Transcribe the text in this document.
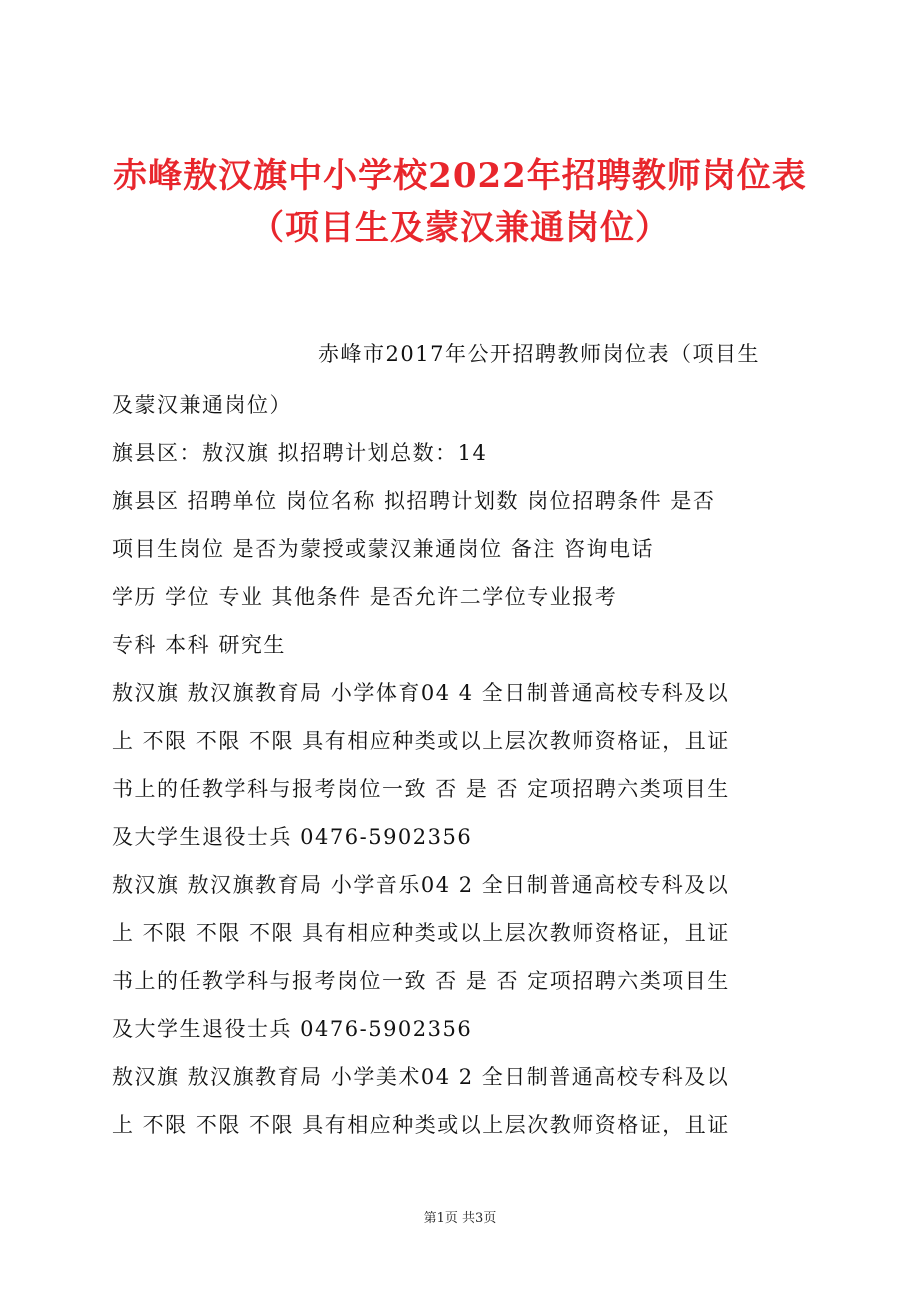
赤峰敖汉旗中小学校2022年招聘教师岗位表
（项目生及蒙汉兼通岗位）
赤峰市2017年公开招聘教师岗位表（项目生
及蒙汉兼通岗位）
旗县区：敖汉旗 拟招聘计划总数：14
旗县区 招聘单位 岗位名称 拟招聘计划数 岗位招聘条件 是否
项目生岗位 是否为蒙授或蒙汉兼通岗位 备注 咨询电话
学历 学位 专业 其他条件 是否允许二学位专业报考
专科 本科 研究生
敖汉旗 敖汉旗教育局 小学体育04 4 全日制普通高校专科及以
上 不限 不限 不限 具有相应种类或以上层次教师资格证，且证
书上的任教学科与报考岗位一致 否 是 否 定项招聘六类项目生
及大学生退役士兵 0476-5902356
敖汉旗 敖汉旗教育局 小学音乐04 2 全日制普通高校专科及以
上 不限 不限 不限 具有相应种类或以上层次教师资格证，且证
书上的任教学科与报考岗位一致 否 是 否 定项招聘六类项目生
及大学生退役士兵 0476-5902356
敖汉旗 敖汉旗教育局 小学美术04 2 全日制普通高校专科及以
上 不限 不限 不限 具有相应种类或以上层次教师资格证，且证
第1页 共3页
